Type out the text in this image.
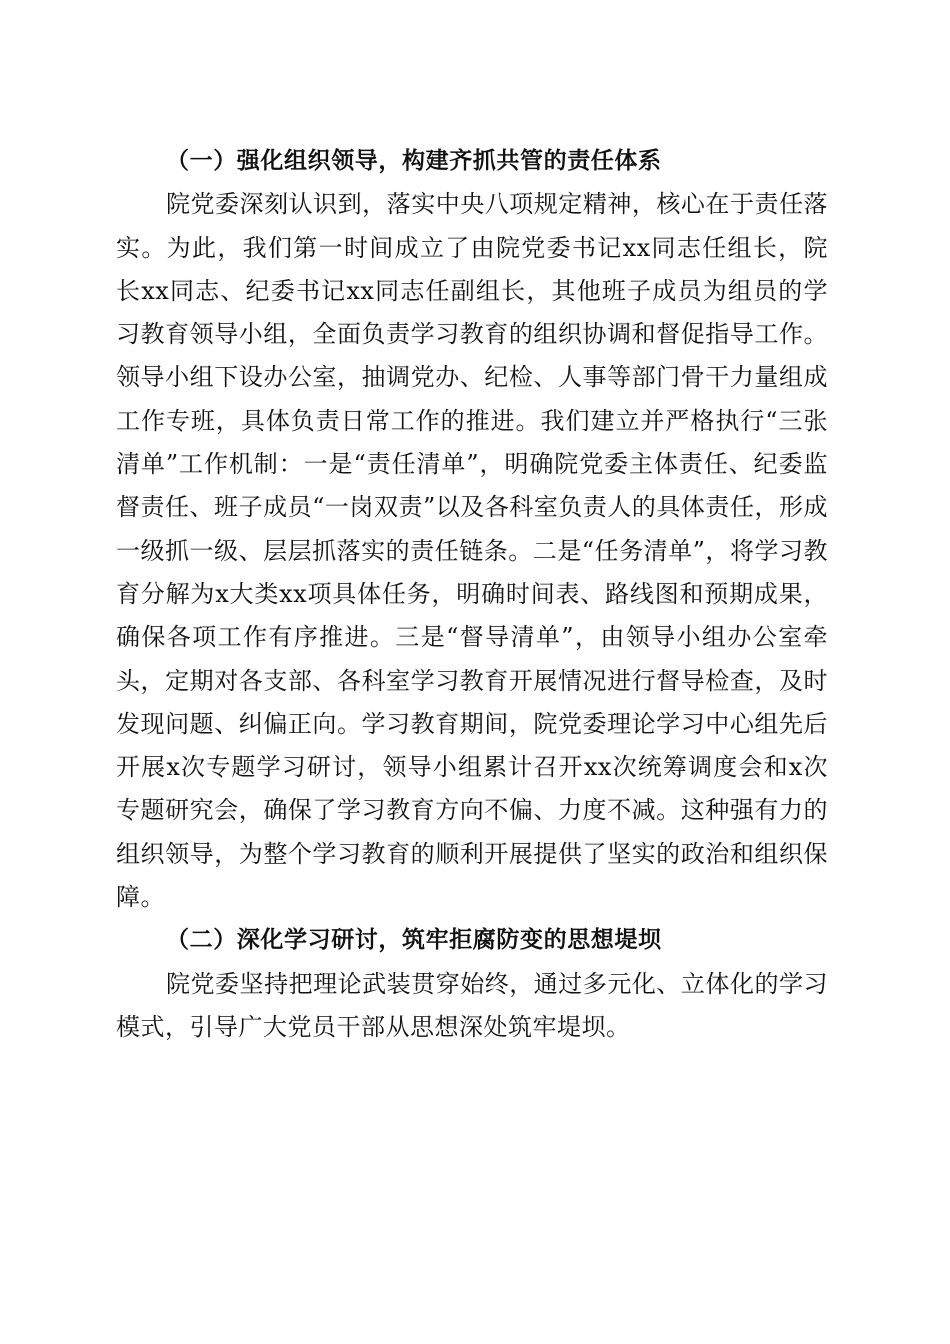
（一）强化组织领导，构建齐抓共管的责任体系

院党委深刻认识到，落实中央八项规定精神，核心在于责任落实。为此，我们第一时间成立了由院党委书记xx同志任组长，院长xx同志、纪委书记xx同志任副组长，其他班子成员为组员的学习教育领导小组，全面负责学习教育的组织协调和督促指导工作。领导小组下设办公室，抽调党办、纪检、人事等部门骨干力量组成工作专班，具体负责日常工作的推进。我们建立并严格执行“三张清单”工作机制：一是“责任清单”，明确院党委主体责任、纪委监督责任、班子成员“一岗双责”以及各科室负责人的具体责任，形成一级抓一级、层层抓落实的责任链条。二是“任务清单”，将学习教育分解为x大类xx项具体任务，明确时间表、路线图和预期成果，确保各项工作有序推进。三是“督导清单”，由领导小组办公室牵头，定期对各支部、各科室学习教育开展情况进行督导检查，及时发现问题、纠偏正向。学习教育期间，院党委理论学习中心组先后开展x次专题学习研讨，领导小组累计召开xx次统筹调度会和x次专题研究会，确保了学习教育方向不偏、力度不减。这种强有力的组织领导，为整个学习教育的顺利开展提供了坚实的政治和组织保障。

（二）深化学习研讨，筑牢拒腐防变的思想堤坝

院党委坚持把理论武装贯穿始终，通过多元化、立体化的学习模式，引导广大党员干部从思想深处筑牢堤坝。
